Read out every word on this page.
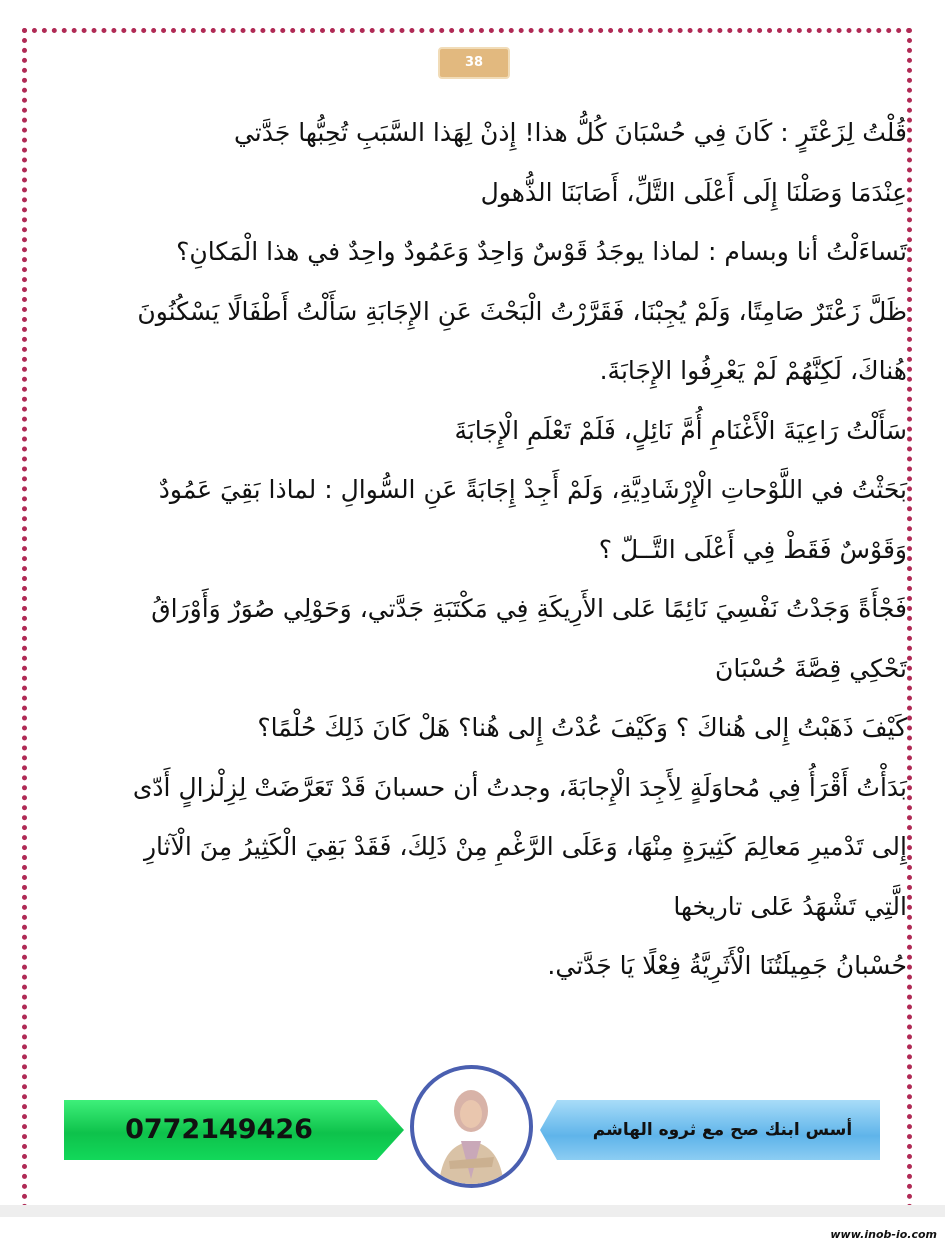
38
قُلْتُ لِزَعْتَرٍ : كَانَ فِي حُسْبَانَ كُلُّ هذا! إِذنْ لِهَذا السَّبَبِ تُحِبُّها جَدَّتي
عِنْدَمَا وَصَلْنَا إِلَى أَعْلَى التَّلِّ، أَصَابَنَا الذُّهول
تَساءَلْتُ أنا وبسام : لماذا يوجَدُ قَوْسٌ وَاحِدٌ وَعَمُودٌ واحِدٌ في هذا الْمَكانِ؟
ظَلَّ زَعْتَرٌ صَامِتًا، وَلَمْ يُجِبْنَا، فَقَرَّرْتُ الْبَحْثَ عَنِ الإِجَابَةِ سَأَلْتُ أَطْفَالًا يَسْكُنُونَ
هُناكَ، لَكِنَّهُمْ لَمْ يَعْرِفُوا الإِجَابَةَ.
سَأَلْتُ رَاعِيَةَ الْأَغْنَامِ أُمَّ نَائِلٍ، فَلَمْ تَعْلَمِ الْإِجَابَةَ
بَحَثْتُ في اللَّوْحاتِ الْإِرْشَادِيَّةِ، وَلَمْ أَجِدْ إِجَابَةً عَنِ السُّوالِ : لماذا بَقِيَ عَمُودٌ
وَقَوْسٌ فَقَطْ فِي أَعْلَى التَّــلّ ؟
فَجْأَةً وَجَدْتُ نَفْسِيَ نَائِمًا عَلى الأَرِيكَةِ فِي مَكْتَبَةِ جَدَّتي، وَحَوْلِي صُوَرٌ وَأَوْرَاقُ
تَحْكِي قِصَّةَ حُسْبَانَ
كَيْفَ ذَهَبْتُ إِلى هُناكَ ؟ وَكَيْفَ عُدْتُ إِلى هُنا؟ هَلْ كَانَ ذَلِكَ حُلْمًا؟
بَدَأْتُ أَقْرَأُ فِي مُحاوَلَةٍ لِأَجِدَ الْإِجابَةَ، وجدتُ أن حسبانَ قَدْ تَعَرَّضَتْ لِزِلْزالٍ أَدّى
إِلى تَدْميرِ مَعالِمَ كَثِيرَةٍ مِنْهَا، وَعَلَى الرَّغْمِ مِنْ ذَلِكَ، فَقَدْ بَقِيَ الْكَثِيرُ مِنَ الْآثارِ
الَّتِي تَشْهَدُ عَلى تاريخها
حُسْبانُ جَمِيلَتُنَا الْأَثَرِيَّةُ فِعْلًا يَا جَدَّتي.
0772149426	أسس ابنك صح مع ثروه الهاشم
www.inob-io.com
